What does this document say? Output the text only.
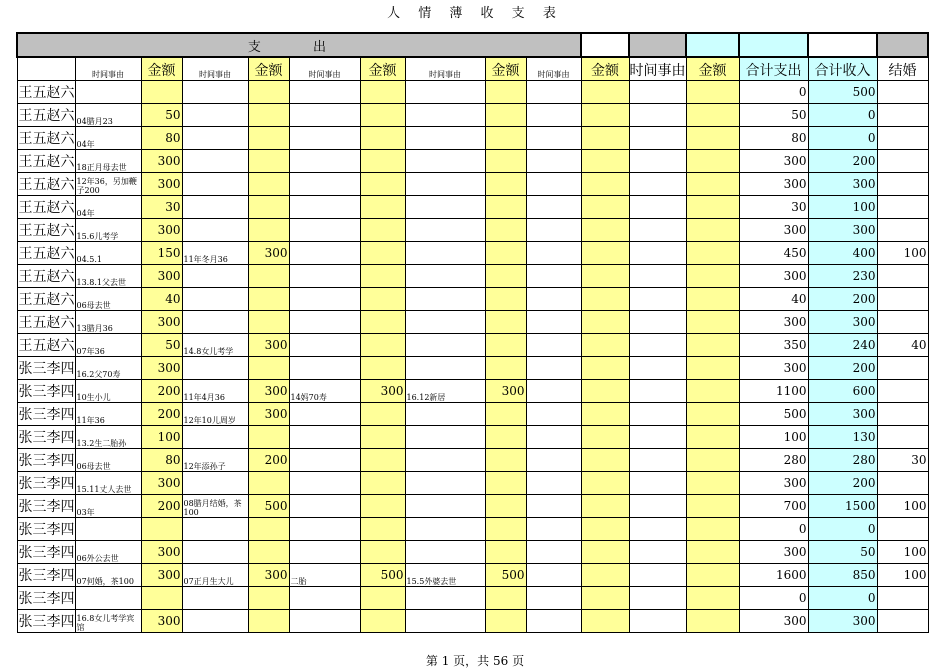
人 情 薄 收 支 表
支 出															
	时间事由	金额	时间事由	金额	时间事由	金额	时间事由	金额	时间事由	金额	时间事由	金额	合计支出	合计收入	结婚
王五赵六													0	500	
王五赵六	04腊月23	50											50	0	
王五赵六	04年	80											80	0	
王五赵六	18正月母去世	300											300	200	
王五赵六	12年36，另加鞭子200	300											300	300	
王五赵六	04年	30											30	100	
王五赵六	15.6儿考学	300											300	300	
王五赵六	04.5.1	150	11年冬月36	300									450	400	100
王五赵六	13.8.1父去世	300											300	230	
王五赵六	06母去世	40											40	200	
王五赵六	13腊月36	300											300	300	
王五赵六	07年36	50	14.8女儿考学	300									350	240	40
张三李四	16.2父70寿	300											300	200	
张三李四	10生小儿	200	11年4月36	300	14妈70寿	300	16.12新居	300					1100	600	
张三李四	11年36	200	12年10儿周岁	300									500	300	
张三李四	13.2生二胎孙	100											100	130	
张三李四	06母去世	80	12年添孙子	200									280	280	30
张三李四	15.11丈人去世	300											300	200	
张三李四	03年	200	08腊月结婚，茶100	500									700	1500	100
张三李四													0	0	
张三李四	06外公去世	300											300	50	100
张三李四	07何婚，茶100	300	07正月生大儿	300	二胎	500	15.5外婆去世	500					1600	850	100
张三李四													0	0	
张三李四	16.8女儿考学宾馆	300											300	300	
第 1 页，共 56 页
